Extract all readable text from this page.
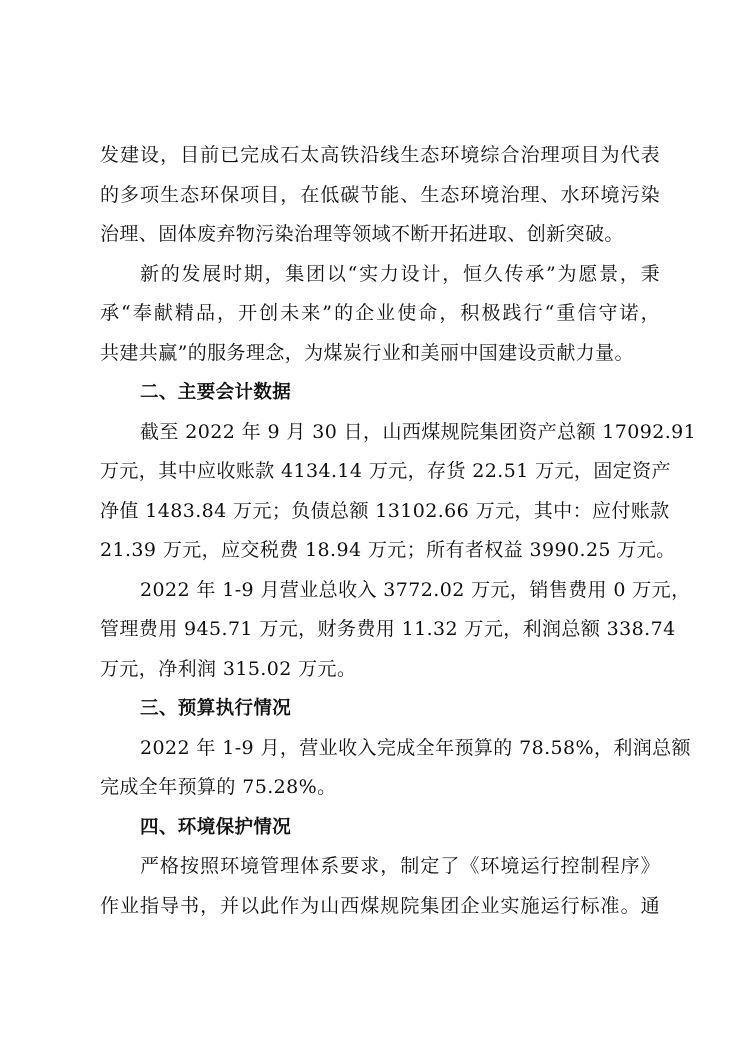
发建设，目前已完成石太高铁沿线生态环境综合治理项目为代表
的多项生态环保项目，在低碳节能、生态环境治理、水环境污染
治理、固体废弃物污染治理等领域不断开拓进取、创新突破。
新的发展时期，集团以“实力设计，恒久传承”为愿景，秉
承“奉献精品，开创未来”的企业使命，积极践行“重信守诺，
共建共赢”的服务理念，为煤炭行业和美丽中国建设贡献力量。
二、主要会计数据
截至 2022 年 9 月 30 日，山西煤规院集团资产总额 17092.91
万元，其中应收账款 4134.14 万元，存货 22.51 万元，固定资产
净值 1483.84 万元；负债总额 13102.66 万元，其中：应付账款
21.39 万元，应交税费 18.94 万元；所有者权益 3990.25 万元。
2022 年 1-9 月营业总收入 3772.02 万元，销售费用 0 万元，
管理费用 945.71 万元，财务费用 11.32 万元，利润总额 338.74
万元，净利润 315.02 万元。
三、预算执行情况
2022 年 1-9 月，营业收入完成全年预算的 78.58%，利润总额
完成全年预算的 75.28%。
四、环境保护情况
严格按照环境管理体系要求，制定了《环境运行控制程序》
作业指导书，并以此作为山西煤规院集团企业实施运行标准。通
